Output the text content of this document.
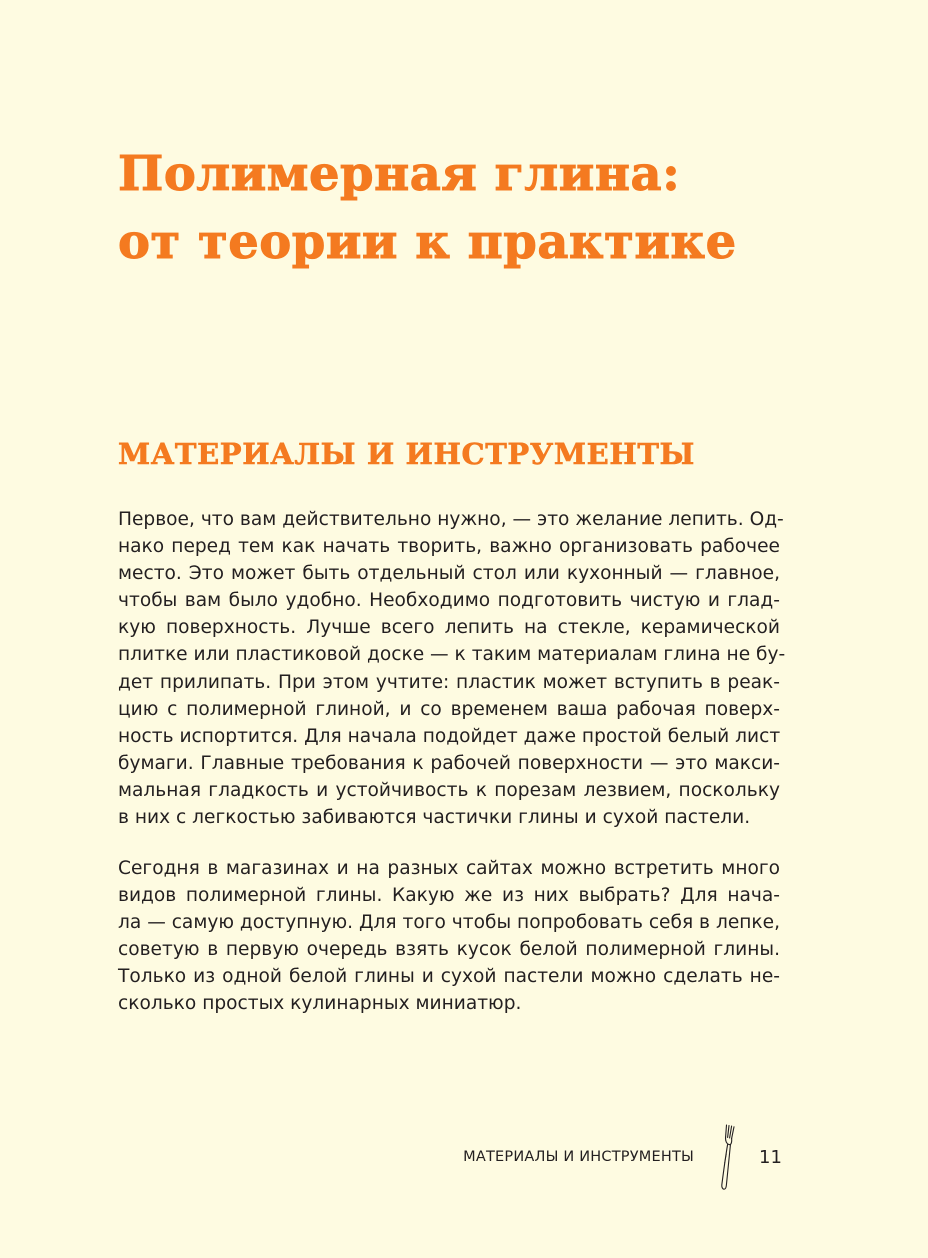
Полимерная глина:
от теории к практике
МАТЕРИАЛЫ И ИНСТРУМЕНТЫ

Первое, что вам действительно нужно, — это желание лепить. Од-
нако перед тем как начать творить, важно организовать рабочее
место. Это может быть отдельный стол или кухонный — главное,
чтобы вам было удобно. Необходимо подготовить чистую и глад-
кую поверхность. Лучше всего лепить на стекле, керамической
плитке или пластиковой доске — к таким материалам глина не бу-
дет прилипать. При этом учтите: пластик может вступить в реак-
цию с полимерной глиной, и со временем ваша рабочая поверх-
ность испортится. Для начала подойдет даже простой белый лист
бумаги. Главные требования к рабочей поверхности — это макси-
мальная гладкость и устойчивость к порезам лезвием, поскольку
в них с легкостью забиваются частички глины и сухой пастели.

Сегодня в магазинах и на разных сайтах можно встретить много
видов полимерной глины. Какую же из них выбрать? Для нача-
ла — самую доступную. Для того чтобы попробовать себя в лепке,
советую в первую очередь взять кусок белой полимерной глины.
Только из одной белой глины и сухой пастели можно сделать не-
сколько простых кулинарных миниатюр.

МАТЕРИАЛЫ И ИНСТРУМЕНТЫ	11
